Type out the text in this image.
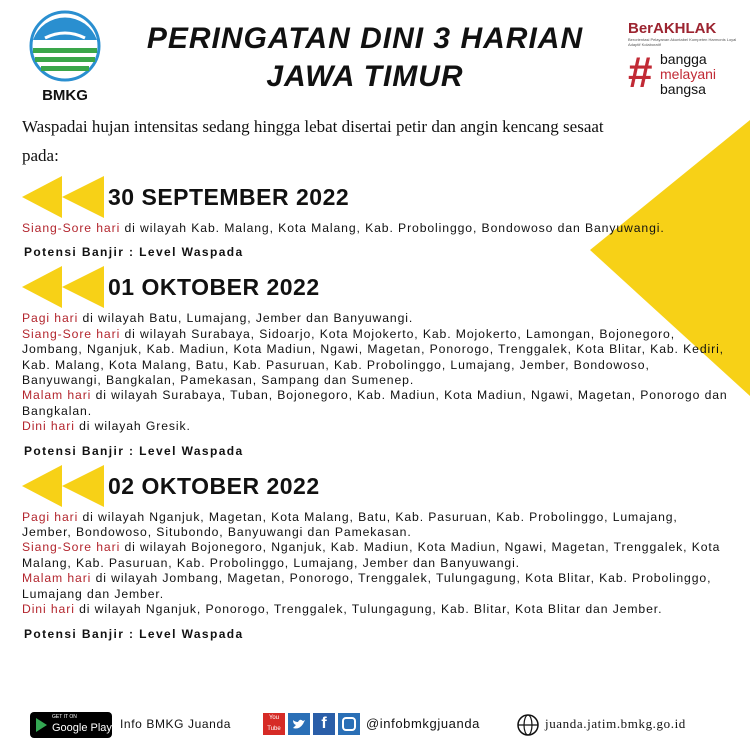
BMKG
PERINGATAN DINI 3 HARIAN
JAWA TIMUR
BerAKHLAK
Berorientasi Pelayanan Akuntabel Kompeten Harmonis Loyal Adaptif Kolaboratif
# bangga
melayani
bangsa
Waspadai hujan intensitas sedang hingga lebat disertai petir dan angin kencang sesaat pada:
30 SEPTEMBER 2022
Siang-Sore hari di wilayah Kab. Malang, Kota Malang, Kab. Probolinggo, Bondowoso dan Banyuwangi.
Potensi Banjir : Level Waspada
01 OKTOBER 2022
Pagi hari di wilayah Batu, Lumajang, Jember dan Banyuwangi.
Siang-Sore hari di wilayah Surabaya, Sidoarjo, Kota Mojokerto, Kab. Mojokerto, Lamongan, Bojonegoro, Jombang, Nganjuk, Kab. Madiun, Kota Madiun, Ngawi, Magetan, Ponorogo, Trenggalek, Kota Blitar, Kab. Kediri, Kab. Malang, Kota Malang, Batu, Kab. Pasuruan, Kab. Probolinggo, Lumajang, Jember, Bondowoso, Banyuwangi, Bangkalan, Pamekasan, Sampang dan Sumenep.
Malam hari di wilayah Surabaya, Tuban, Bojonegoro, Kab. Madiun, Kota Madiun, Ngawi, Magetan, Ponorogo dan Bangkalan.
Dini hari di wilayah Gresik.
Potensi Banjir : Level Waspada
02 OKTOBER 2022
Pagi hari di wilayah Nganjuk, Magetan, Kota Malang, Batu, Kab. Pasuruan, Kab. Probolinggo, Lumajang, Jember, Bondowoso, Situbondo, Banyuwangi dan Pamekasan.
Siang-Sore hari di wilayah Bojonegoro, Nganjuk, Kab. Madiun, Kota Madiun, Ngawi, Magetan, Trenggalek, Kota Malang, Kab. Pasuruan, Kab. Probolinggo, Lumajang, Jember dan Banyuwangi.
Malam hari di wilayah Jombang, Magetan, Ponorogo, Trenggalek, Tulungagung, Kota Blitar, Kab. Probolinggo, Lumajang dan Jember.
Dini hari di wilayah Nganjuk, Ponorogo, Trenggalek, Tulungagung, Kab. Blitar, Kota Blitar dan Jember.
Potensi Banjir : Level Waspada
GET IT ON
Google Play Info BMKG Juanda	You Tube	f	@infobmkgjuanda	juanda.jatim.bmkg.go.id
